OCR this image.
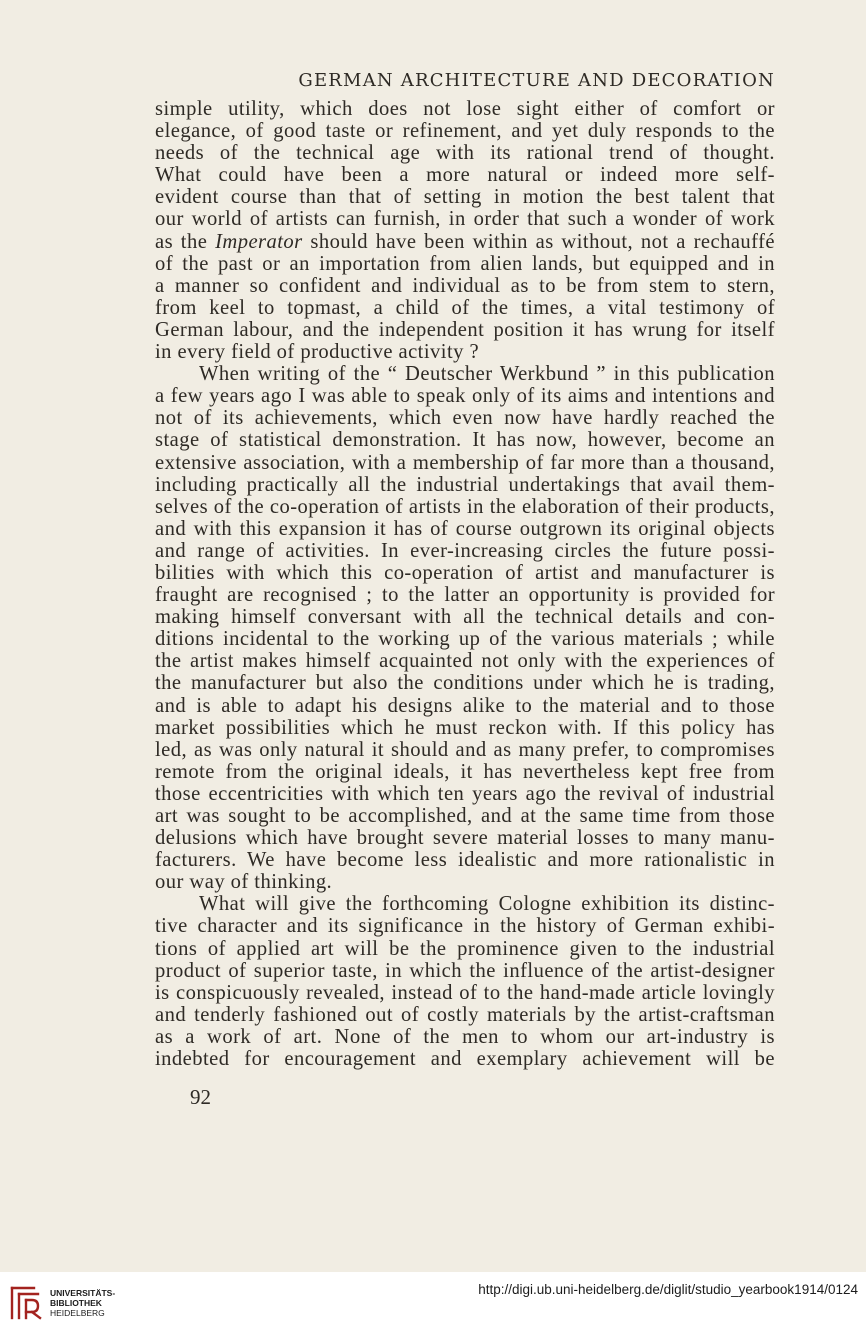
GERMAN ARCHITECTURE AND DECORATION
simple utility, which does not lose sight either of comfort or
elegance, of good taste or refinement, and yet duly responds to the
needs of the technical age with its rational trend of thought.
What could have been a more natural or indeed more self-
evident course than that of setting in motion the best talent that
our world of artists can furnish, in order that such a wonder of work
as the Imperator should have been within as without, not a rechauffé
of the past or an importation from alien lands, but equipped and in
a manner so confident and individual as to be from stem to stern,
from keel to topmast, a child of the times, a vital testimony of
German labour, and the independent position it has wrung for itself
in every field of productive activity ?
When writing of the “ Deutscher Werkbund ” in this publication
a few years ago I was able to speak only of its aims and intentions and
not of its achievements, which even now have hardly reached the
stage of statistical demonstration. It has now, however, become an
extensive association, with a membership of far more than a thousand,
including practically all the industrial undertakings that avail them-
selves of the co-operation of artists in the elaboration of their products,
and with this expansion it has of course outgrown its original objects
and range of activities. In ever-increasing circles the future possi-
bilities with which this co-operation of artist and manufacturer is
fraught are recognised ; to the latter an opportunity is provided for
making himself conversant with all the technical details and con-
ditions incidental to the working up of the various materials ; while
the artist makes himself acquainted not only with the experiences of
the manufacturer but also the conditions under which he is trading,
and is able to adapt his designs alike to the material and to those
market possibilities which he must reckon with. If this policy has
led, as was only natural it should and as many prefer, to compromises
remote from the original ideals, it has nevertheless kept free from
those eccentricities with which ten years ago the revival of industrial
art was sought to be accomplished, and at the same time from those
delusions which have brought severe material losses to many manu-
facturers. We have become less idealistic and more rationalistic in
our way of thinking.
What will give the forthcoming Cologne exhibition its distinc-
tive character and its significance in the history of German exhibi-
tions of applied art will be the prominence given to the industrial
product of superior taste, in which the influence of the artist-designer
is conspicuously revealed, instead of to the hand-made article lovingly
and tenderly fashioned out of costly materials by the artist-craftsman
as a work of art. None of the men to whom our art-industry is
indebted for encouragement and exemplary achievement will be
92
UNIVERSITÄTS-
BIBLIOTHEK
HEIDELBERG
http://digi.ub.uni-heidelberg.de/diglit/studio_yearbook1914/0124
